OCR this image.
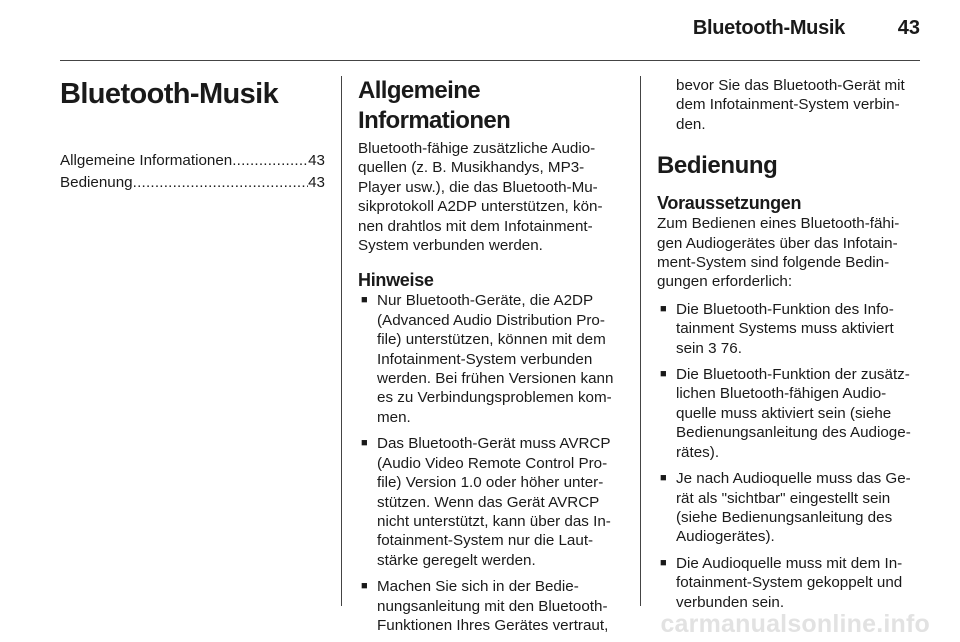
Bluetooth-Musik	43
Bluetooth-Musik
Allgemeine Informationen . . .	43
Bedienung . . .	43
Allgemeine Informationen

Bluetooth-fähige zusätzliche Audio-quellen (z. B. Musikhandys, MP3-Player usw.), die das Bluetooth-Mu-sikprotokoll A2DP unterstützen, kön-nen drahtlos mit dem Infotainment-System verbunden werden.

Hinweise
■ Nur Bluetooth-Geräte, die A2DP (Advanced Audio Distribution Pro-file) unterstützen, können mit dem Infotainment-System verbunden werden. Bei frühen Versionen kann es zu Verbindungsproblemen kom-men.
■ Das Bluetooth-Gerät muss AVRCP (Audio Video Remote Control Pro-file) Version 1.0 oder höher unter-stützen. Wenn das Gerät AVRCP nicht unterstützt, kann über das In-fotainment-System nur die Laut-stärke geregelt werden.
■ Machen Sie sich in der Bedie-nungsanleitung mit den Bluetooth-Funktionen Ihres Gerätes vertraut,

bevor Sie das Bluetooth-Gerät mit dem Infotainment-System verbin-den.

Bedienung
Voraussetzungen

Zum Bedienen eines Bluetooth-fähi-gen Audiogerätes über das Infotain-ment-System sind folgende Bedin-gungen erforderlich:

■ Die Bluetooth-Funktion des Info-tainment Systems muss aktiviert sein 3 76.
■ Die Bluetooth-Funktion der zusätz-lichen Bluetooth-fähigen Audio-quelle muss aktiviert sein (siehe Bedienungsanleitung des Audioge-rätes).
■ Je nach Audioquelle muss das Ge-rät als "sichtbar" eingestellt sein (siehe Bedienungsanleitung des Audiogerätes).
■ Die Audioquelle muss mit dem In-fotainment-System gekoppelt und verbunden sein.
carmanualsonline.info
